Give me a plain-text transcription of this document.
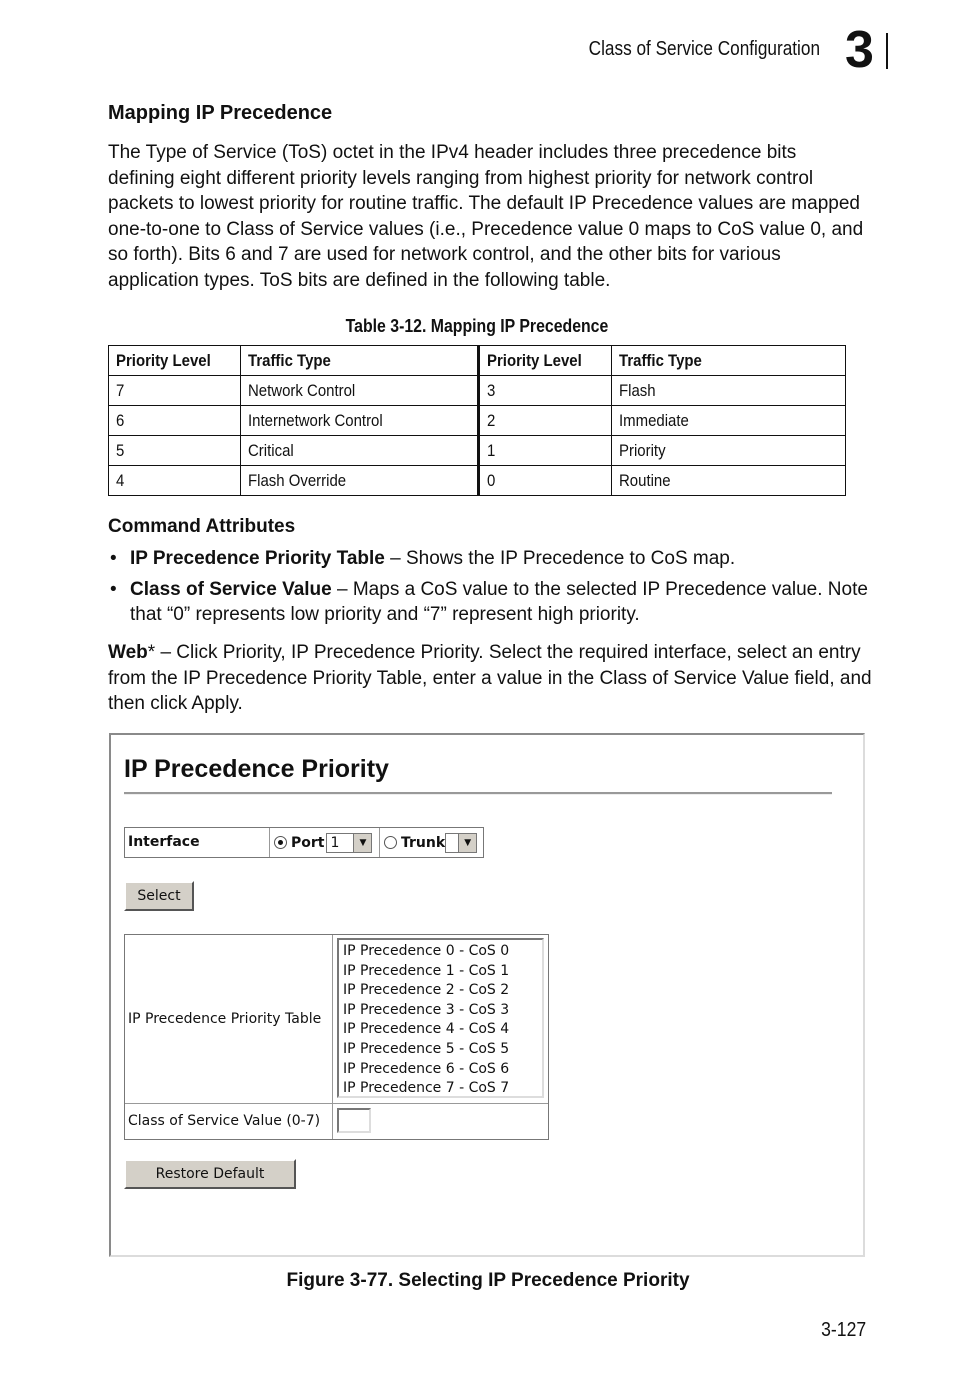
Class of Service Configuration 3
Mapping IP Precedence

The Type of Service (ToS) octet in the IPv4 header includes three precedence bits defining eight different priority levels ranging from highest priority for network control packets to lowest priority for routine traffic. The default IP Precedence values are mapped one-to-one to Class of Service values (i.e., Precedence value 0 maps to CoS value 0, and so forth). Bits 6 and 7 are used for network control, and the other bits for various application types. ToS bits are defined in the following table.

Table 3-12. Mapping IP Precedence
Priority Level	Traffic Type	Priority Level	Traffic Type
7	Network Control	3	Flash
6	Internetwork Control	2	Immediate
5	Critical	1	Priority
4	Flash Override	0	Routine
Command Attributes
• IP Precedence Priority Table – Shows the IP Precedence to CoS map.
• Class of Service Value – Maps a CoS value to the selected IP Precedence value. Note that “0” represents low priority and “7” represent high priority.

Web* – Click Priority, IP Precedence Priority. Select the required interface, select an entry from the IP Precedence Priority Table, enter a value in the Class of Service Value field, and then click Apply.

IP Precedence Priority
Interface	Port 1	▼	Trunk	▼
Select
IP Precedence Priority Table
IP Precedence 0 - CoS 0
IP Precedence 1 - CoS 1
IP Precedence 2 - CoS 2
IP Precedence 3 - CoS 3
IP Precedence 4 - CoS 4
IP Precedence 5 - CoS 5
IP Precedence 6 - CoS 6
IP Precedence 7 - CoS 7
Class of Service Value (0-7)
Restore Default
Figure 3-77. Selecting IP Precedence Priority
3-127
